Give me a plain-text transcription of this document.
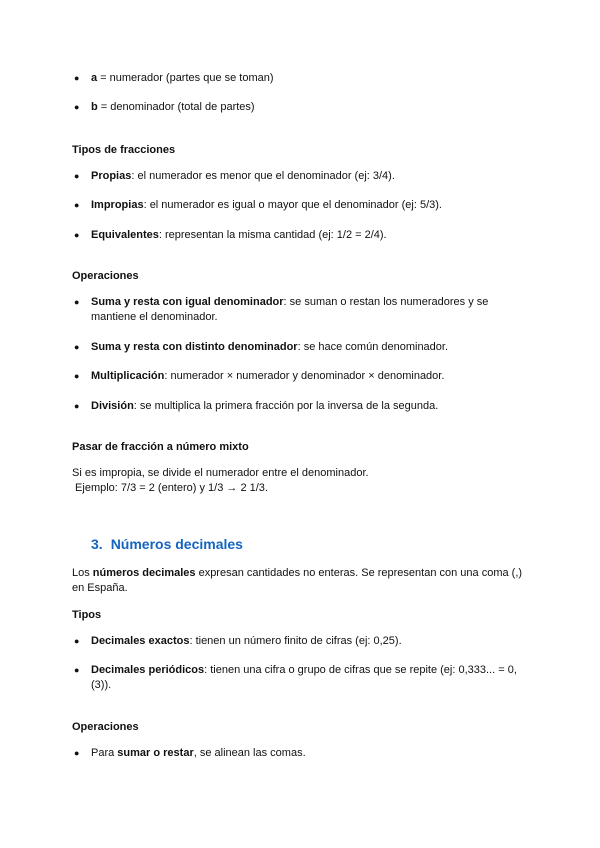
● a = numerador (partes que se toman)
● b = denominador (total de partes)
Tipos de fracciones
● Propias: el numerador es menor que el denominador (ej: 3/4).
● Impropias: el numerador es igual o mayor que el denominador (ej: 5/3).
● Equivalentes: representan la misma cantidad (ej: 1/2 = 2/4).
Operaciones
● Suma y resta con igual denominador: se suman o restan los numeradores y se mantiene el denominador.
● Suma y resta con distinto denominador: se hace común denominador.
● Multiplicación: numerador × numerador y denominador × denominador.
● División: se multiplica la primera fracción por la inversa de la segunda.
Pasar de fracción a número mixto
Si es impropia, se divide el numerador entre el denominador.
Ejemplo: 7/3 = 2 (entero) y 1/3 → 2 1/3.
3. Números decimales
Los números decimales expresan cantidades no enteras. Se representan con una coma (,) en España.
Tipos
● Decimales exactos: tienen un número finito de cifras (ej: 0,25).
● Decimales periódicos: tienen una cifra o grupo de cifras que se repite (ej: 0,333... = 0,(3)).
Operaciones
● Para sumar o restar, se alinean las comas.
